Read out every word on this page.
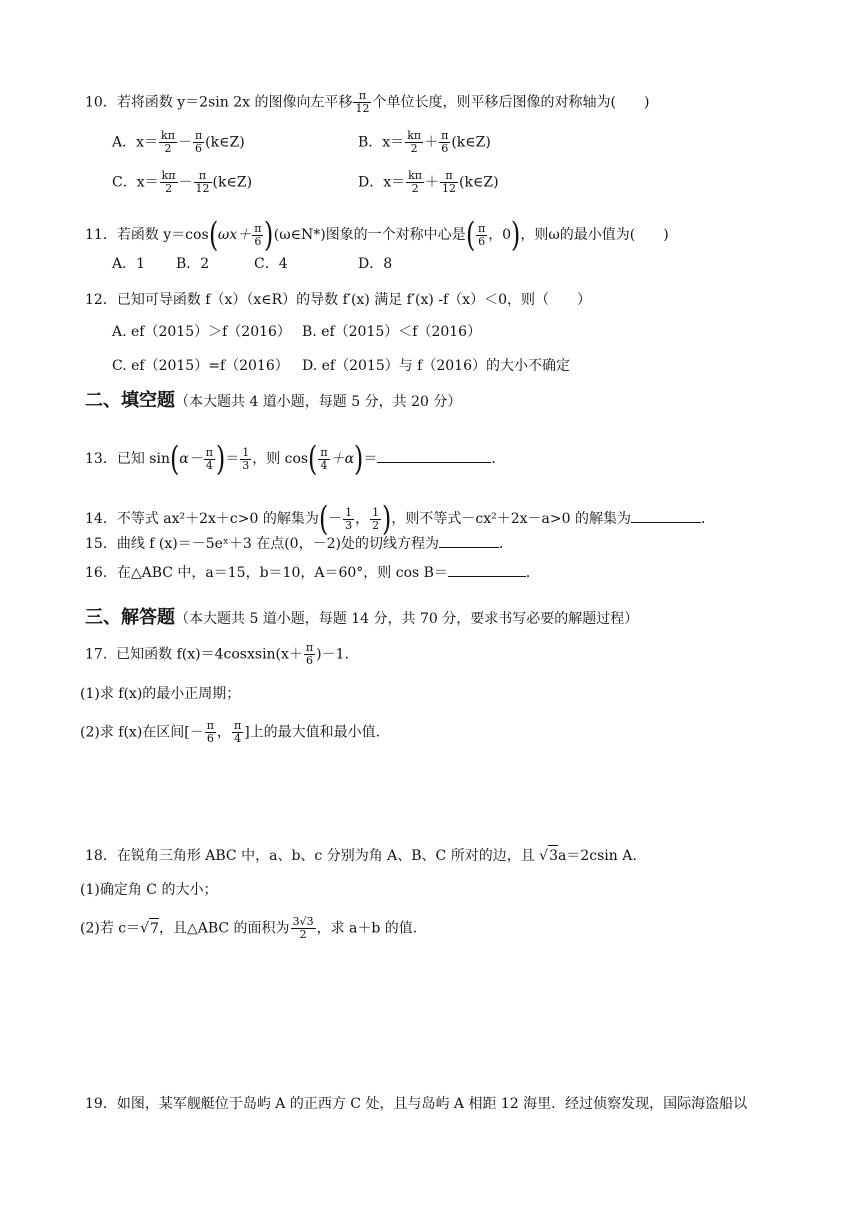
10．若将函数 y＝2sin 2x 的图像向左平移 $\frac{\pi}{12}$ 个单位长度，则平移后图像的对称轴为(　　)
A．$x= \frac{k\pi}{2} - \frac{\pi}{6}$ (k∈Z)	B．$x= \frac{k\pi}{2} + \frac{\pi}{6}$ (k∈Z)
C．$x= \frac{k\pi}{2} - \frac{\pi}{12}$ (k∈Z)	D．$x= \frac{k\pi}{2} + \frac{\pi}{12}$ (k∈Z)
11．若函数 $y=\cos(\omega x+ \frac{\pi}{6}$ )(ω∈N*)图象的一个对称中心是( $\frac{\pi}{6}$ ，0)，则ω的最小值为(　　)
A．1 B．2	C．4	D．8
12．已知可导函数 f（x）（x∈R）的导数 f′(x) 满足 f′(x) -f（x）＜0，则（　　）
A. ef（2015）＞f（2016） B. ef（2015）＜f（2016）
C. ef（2015）=f（2016） D. ef（2015）与 f（2016）的大小不确定
二、填空题（本大题共 4 道小题，每题 5 分，共 20 分）
13．已知 $\sin(\alpha- \frac{\pi}{4}$ )＝ $\frac{1}{3}$ ，则 $\cos( \frac{\pi}{4} +\alpha)=$	．
14．不等式 ax²＋2x＋c>0 的解集为(－ $\frac{1}{3}$ ， $\frac{1}{2}$ )，则不等式－cx²＋2x－a>0 的解集为	．
15．曲线 f (x)＝－5eˣ＋3 在点(0，－2)处的切线方程为	．
16．在△ABC 中，a＝15，b＝10，A＝60°，则 cos B＝	．
三、解答题（本大题共 5 道小题，每题 14 分，共 70 分，要求书写必要的解题过程）
17. 已知函数 f(x)＝4cosxsin(x＋ $\frac{\pi}{6} )-1$.
(1)求 f(x)的最小正周期；
(2)求 f(x)在区间[－ $\frac{\pi}{6}$ ， $\frac{\pi}{4}$ ]上的最大值和最小值.
18．在锐角三角形 ABC 中，a、b、c 分别为角 A、B、C 所对的边，且 √3a＝2csin A.
(1)确定角 C 的大小；
(2)若 c＝√7，且△ABC 的面积为 $\frac{3√3}{2}$ ，求 a＋b 的值.
19．如图，某军舰艇位于岛屿 A 的正西方 C 处，且与岛屿 A 相距 12 海里．经过侦察发现，国际海盗船以
